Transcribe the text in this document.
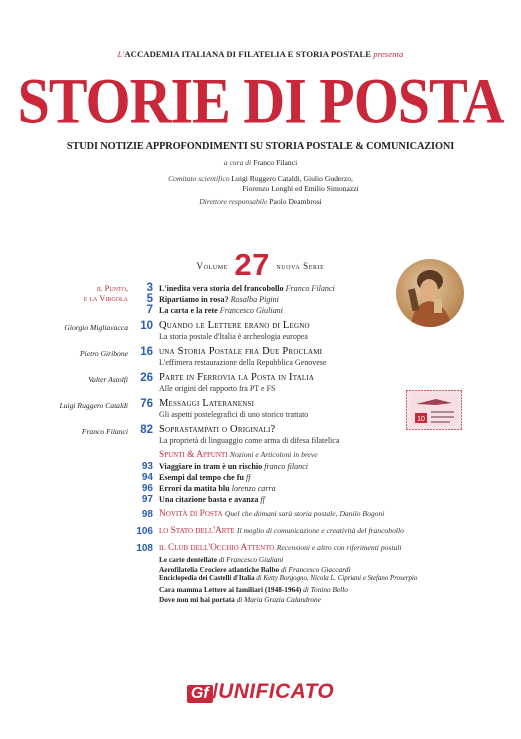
L'ACCADEMIA ITALIANA DI FILATELIA E STORIA POSTALE presenta
STORIE DI POSTA
STUDI NOTIZIE APPROFONDIMENTI SU STORIA POSTALE & COMUNICAZIONI
a cura di Franco Filanci
Comitato scientifico Luigi Ruggero Cataldi, Giulio Guderzo,
Fiorenzo Longhi ed Emilio Simonazzi
Direttore responsabile Paolo Deambrosi
Volume 27 nuova Serie
10
il Punto,
e la Virgola
3 L'inedita vera storia del francobollo Franco Filanci
5 Ripartiamo in rosa? Rosalba Pigini
7 La carta e la rete Francesco Giuliani
Giorgio Migliavacca	10 Quando le Lettere erano di Legno
La storia postale d'Italia è archeologia europea
Pietro Giribone	16 una Storia Postale fra Due Proclami
L'effimera restaurazione della Repubblica Genovese
Valter Astolfi	26 Parte in Ferrovia la Posta in Italia
Alle origini del rapporto fra PT e FS
Luigi Ruggero Cataldi	76 Messaggi Lateranensi
Gli aspetti postelegrafici di uno storico trattato
Franco Filanci	82 Soprastampati o Originali?
La proprietà di linguaggio come arma di difesa filatelica
Spunti & Appunti Nozioni e Articoloni in breve
93 Viaggiare in tram è un rischio franco filanci
94 Esempi dal tempo che fu ff
96 Errori da matita blu lorenzo carra
97 Una citazione basta e avanza ff
98 Novità di Posta Quel che domani sarà storia postale, Danilo Bogoni
106 lo Stato dell'Arte Il meglio di comunicazione e creatività del francobollo
108 il Club dell'Occhio Attento Recensioni e altro con riferimenti postali
Le carte dentellate di Francesco Giuliani
Aerofilatelia Crociere atlantiche Balbo di Francesco Giaccardi
Enciclopedia dei Castelli d'Italia di Ketty Borgogno, Nicola L. Cipriani e Stefano Proserpio
Cara mamma Lettere ai familiari (1948-1964) di Tonino Bello
Dove non mi hai portata di Maria Grazia Calandrone
Gf /UNIFICATO
